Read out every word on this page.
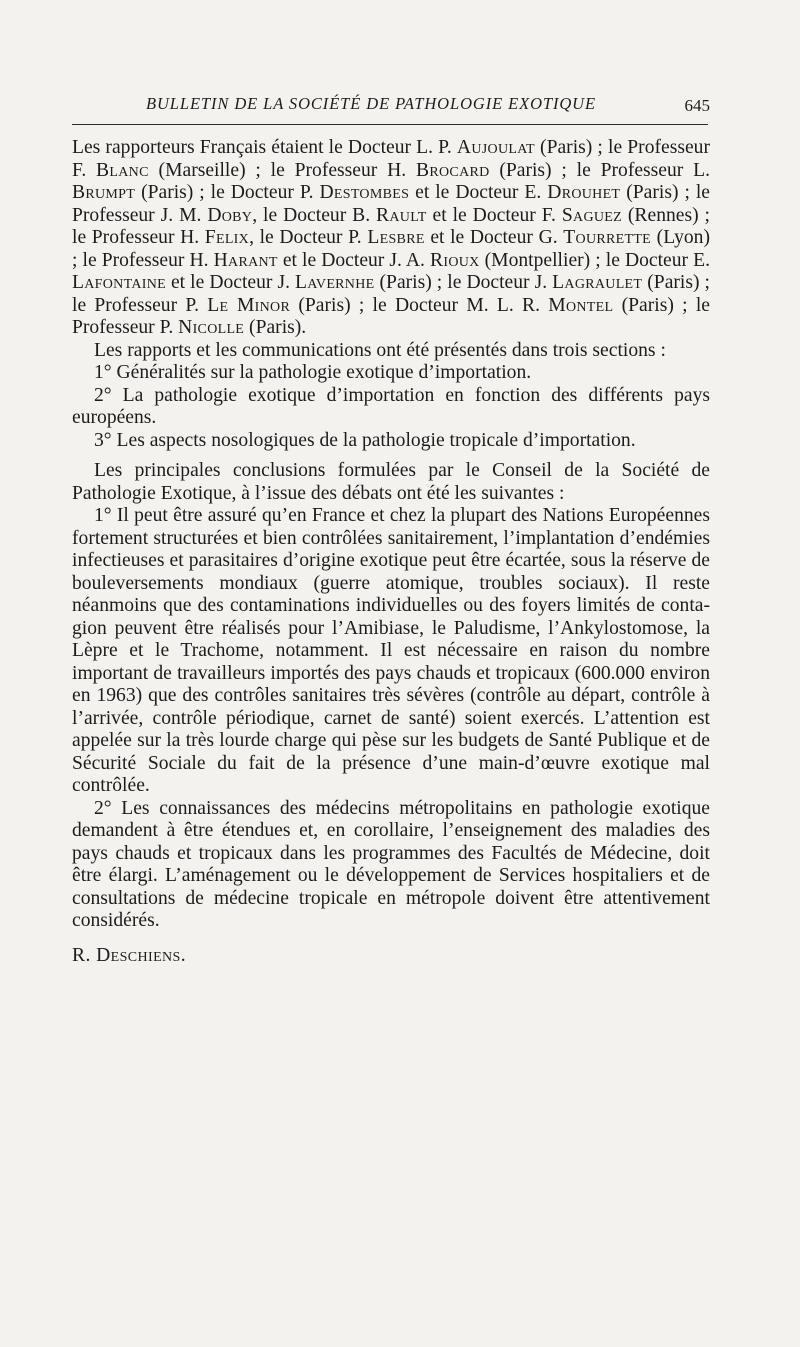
BULLETIN DE LA SOCIÉTÉ DE PATHOLOGIE EXOTIQUE	645

Les rapporteurs Français étaient le Docteur L. P. Aujoulat (Paris) ; le Professeur F. Blanc (Marseille) ; le Professeur H. Brocard (Paris) ; le Professeur L. Brumpt (Paris) ; le Docteur P. Destombes et le Docteur E. Drouhet (Paris) ; le Professeur J. M. Doby, le Docteur B. Rault et le Docteur F. Saguez (Rennes) ; le Professeur H. Felix, le Docteur P. Lesbre et le Docteur G. Tourrette (Lyon) ; le Professeur H. Harant et le Docteur J. A. Rioux (Montpellier) ; le Docteur E. Lafontaine et le Docteur J. Lavernhe (Paris) ; le Docteur J. Lagraulet (Paris) ; le Professeur P. Le Minor (Paris) ; le Docteur M. L. R. Montel (Paris) ; le Professeur P. Nicolle (Paris).

Les rapports et les communications ont été présentés dans trois sections :

1° Généralités sur la pathologie exotique d’importation.

2° La pathologie exotique d’importation en fonction des différents pays européens.

3° Les aspects nosologiques de la pathologie tropicale d’importation.

Les principales conclusions formulées par le Conseil de la Société de Pathologie Exotique, à l’issue des débats ont été les suivantes :

1° Il peut être assuré qu’en France et chez la plupart des Nations Européennes fortement structurées et bien contrôlées sanitairement, l’implantation d’endémies infectieuses et parasitaires d’origine exotique peut être écartée, sous la réserve de bouleversements mondiaux (guerre atomique, troubles sociaux). Il reste néanmoins que des contaminations individuelles ou des foyers limités de contagion peuvent être réalisés pour l’Amibiase, le Paludisme, l’Ankylostomose, la Lèpre et le Trachome, notamment. Il est nécessaire en raison du nombre important de travailleurs importés des pays chauds et tropicaux (600.000 environ en 1963) que des contrôles sanitaires très sévères (contrôle au départ, contrôle à l’arrivée, contrôle périodique, carnet de santé) soient exercés. L’attention est appelée sur la très lourde charge qui pèse sur les budgets de Santé Publique et de Sécurité Sociale du fait de la présence d’une main-d’œuvre exotique mal contrôlée.

2° Les connaissances des médecins métropolitains en pathologie exotique demandent à être étendues et, en corollaire, l’enseignement des maladies des pays chauds et tropicaux dans les programmes des Facultés de Médecine, doit être élargi. L’aménagement ou le développement de Services hospitaliers et de consultations de médecine tropicale en métropole doivent être attentivement considérés.

R. Deschiens.
